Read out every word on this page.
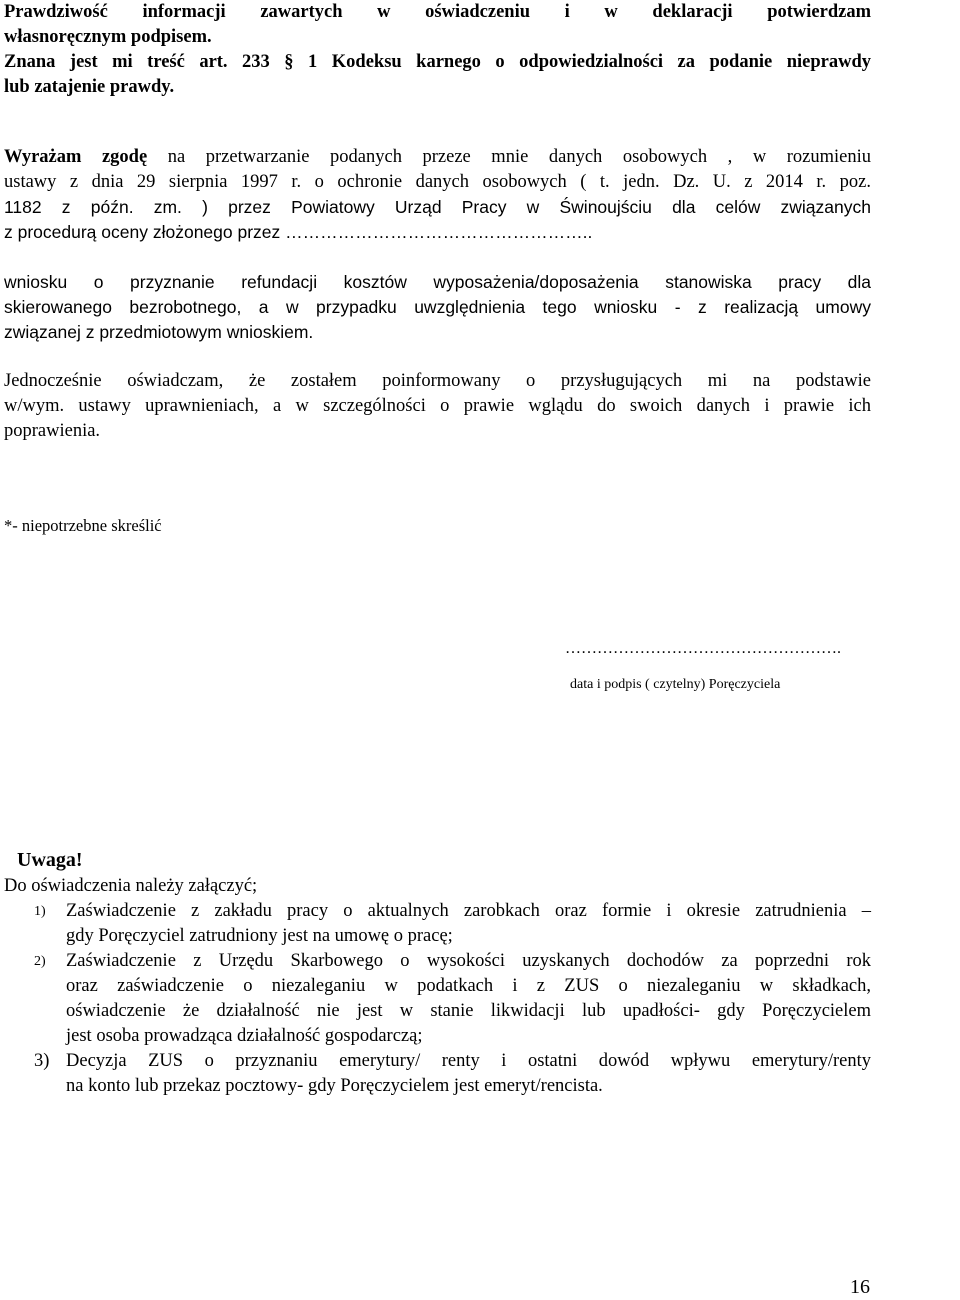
Prawdziwość informacji zawartych w oświadczeniu i w deklaracji potwierdzam
własnoręcznym podpisem.
Znana jest mi treść art. 233 § 1 Kodeksu karnego o odpowiedzialności za podanie nieprawdy
lub zatajenie prawdy.
Wyrażam zgodę na przetwarzanie podanych przeze mnie danych osobowych , w rozumieniu
ustawy z dnia 29 sierpnia 1997 r. o ochronie danych osobowych ( t. jedn. Dz. U. z 2014 r. poz.
1182 z późn. zm. ) przez Powiatowy Urząd Pracy w Świnoujściu dla celów związanych
z procedurą oceny złożonego przez ……………………………………………..
wniosku o przyznanie refundacji kosztów wyposażenia/doposażenia stanowiska pracy dla
skierowanego bezrobotnego, a w przypadku uwzględnienia tego wniosku - z realizacją umowy
związanej z przedmiotowym wnioskiem.
Jednocześnie oświadczam, że zostałem poinformowany o przysługujących mi na podstawie
w/wym. ustawy uprawnieniach, a w szczególności o prawie wglądu do swoich danych i prawie ich
poprawienia.
*- niepotrzebne skreślić
…………………………………………….
data i podpis ( czytelny) Poręczyciela
Uwaga!
Do oświadczenia należy załączyć;
1) Zaświadczenie z zakładu pracy o aktualnych zarobkach oraz formie i okresie zatrudnienia –
gdy Poręczyciel zatrudniony jest na umowę o pracę;
2) Zaświadczenie z Urzędu Skarbowego o wysokości uzyskanych dochodów za poprzedni rok
oraz zaświadczenie o niezaleganiu w podatkach i z ZUS o niezaleganiu w składkach,
oświadczenie że działalność nie jest w stanie likwidacji lub upadłości- gdy Poręczycielem
jest osoba prowadząca działalność gospodarczą;
3) Decyzja ZUS o przyznaniu emerytury/ renty i ostatni dowód wpływu emerytury/renty
na konto lub przekaz pocztowy- gdy Poręczycielem jest emeryt/rencista.
16
